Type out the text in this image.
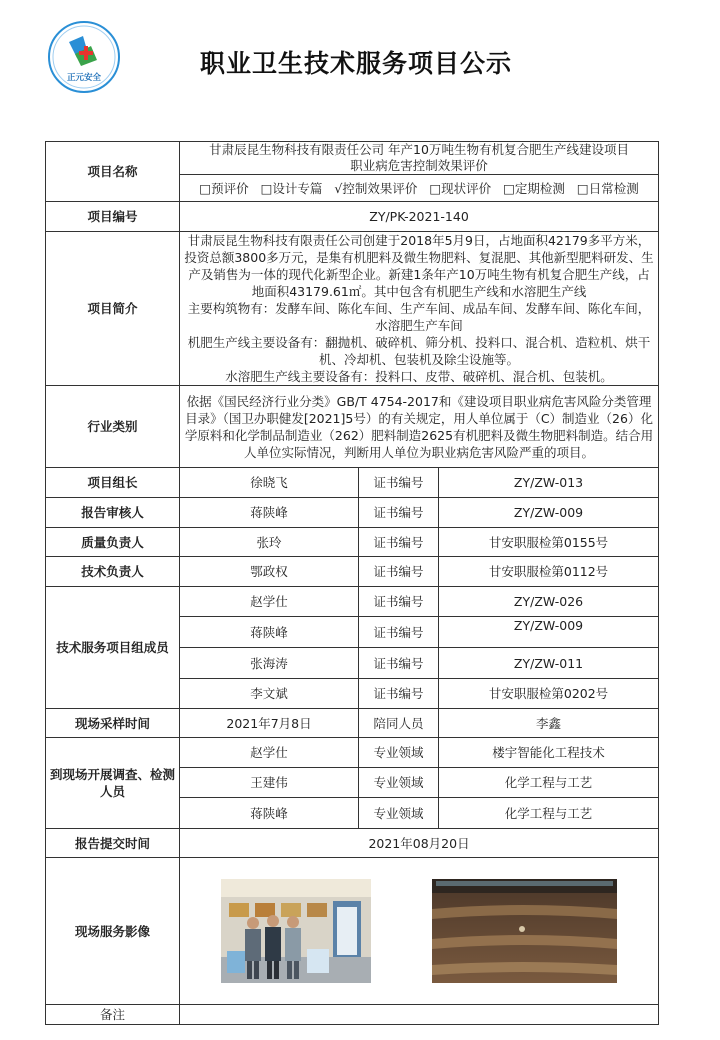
正元安全	职业卫生技术服务项目公示
项目名称	甘肃辰昆生物科技有限责任公司 年产10万吨生物有机复合肥生产线建设项目
职业病危害控制效果评价		

	□预评价 □设计专篇 √控制效果评价 □现状评价 □定期检测 □日常检测		
项目编号	ZY/PK-2021-140		
项目简介	甘肃辰昆生物科技有限责任公司创建于2018年5月9日，占地面积42179多平方米，投资总额3800多万元，是集有机肥料及微生物肥料、复混肥、其他新型肥料研发、生产及销售为一体的现代化新型企业。新建1条年产10万吨生物有机复合肥生产线，占地面积43179.61㎡。其中包含有机肥生产线和水溶肥生产线
主要构筑物有：发酵车间、陈化车间、生产车间、成品车间、发酵车间、陈化车间，水溶肥生产车间
机肥生产线主要设备有：翻抛机、破碎机、筛分机、投料口、混合机、造粒机、烘干机、冷却机、包装机及除尘设施等。
水溶肥生产线主要设备有：投料口、皮带、破碎机、混合机、包装机。		

行业类别	依据《国民经济行业分类》GB/T 4754-2017和《建设项目职业病危害风险分类管理目录》（国卫办职健发[2021]5号）的有关规定，用人单位属于（C）制造业（26）化学原料和化学制品制造业（262）肥料制造2625有机肥料及微生物肥料制造。结合用人单位实际情况，判断用人单位为职业病危害风险严重的项目。		
项目组长	徐晓飞	证书编号	ZY/ZW-013
报告审核人	蒋陕峰	证书编号	ZY/ZW-009
质量负责人	张玲	证书编号	甘安职服检第0155号
技术负责人	鄂政权	证书编号	甘安职服检第0112号
技术服务项目组成员	赵学仕	证书编号	ZY/ZW-026
	蒋陕峰	证书编号	ZY/ZW-009
	张海涛	证书编号	ZY/ZW-011
	李文斌	证书编号	甘安职服检第0202号
现场采样时间	2021年7月8日	陪同人员	李鑫
到现场开展调查、检测人员	赵学仕	专业领域	楼宇智能化工程技术
	王建伟	专业领域	化学工程与工艺
	蒋陕峰	专业领域	化学工程与工艺
报告提交时间	2021年08月20日		
现场服务影像	

备注			
